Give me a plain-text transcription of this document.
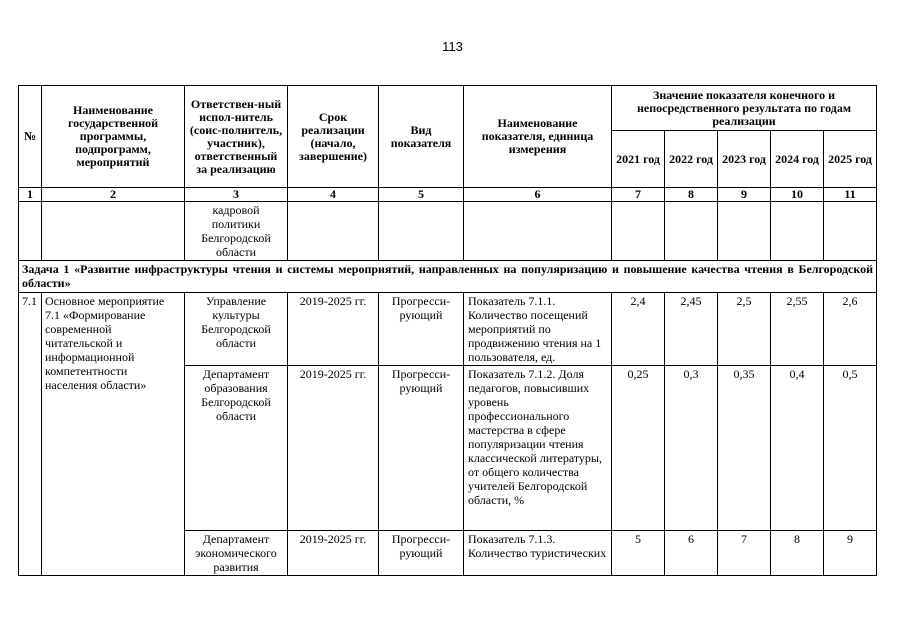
113
№	Наименование государственной программы, подпрограмм, мероприятий	Ответствен-ный испол-нитель (соис-полнитель, участник), ответственный за реализацию	Срок реализации (начало, завершение)	Вид показателя	Наименование показателя, единица измерения	Значение показателя конечного и непосредственного результата по годам реализации				
						2021 год	2022 год	2023 год	2024 год	2025 год
1	2	3	4	5	6	7	8	9	10	11
		кадровой политики Белгородской области								
Задача 1 «Развитие инфраструктуры чтения и системы мероприятий, направленных на популяризацию и повышение качества чтения в Белгородской области»										
7.1	Основное мероприятие 7.1 «Формирование современной читательской и информационной компетентности населения области»	Управление культуры Белгородской области	2019-2025 гг.	Прогресси-рующий	Показатель 7.1.1. Количество посещений мероприятий по продвижению чтения на 1 пользователя, ед.	2,4	2,45	2,5	2,55	2,6
		Департамент образования Белгородской области	2019-2025 гг.	Прогресси-рующий	Показатель 7.1.2. Доля педагогов, повысивших уровень профессионального мастерства в сфере популяризации чтения классической литературы, от общего количества учителей Белгородской области, %	0,25	0,3	0,35	0,4	0,5
		Департамент экономического развития	2019-2025 гг.	Прогресси-рующий	Показатель 7.1.3. Количество туристических	5	6	7	8	9
